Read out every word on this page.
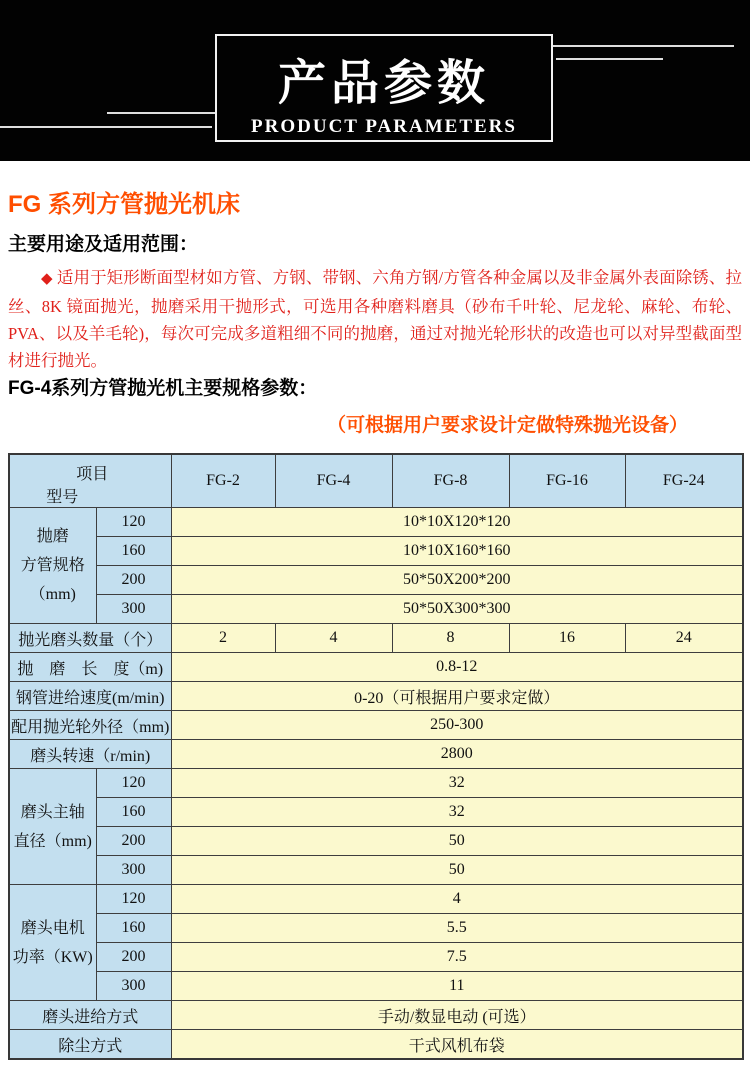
产品参数
PRODUCT PARAMETERS
FG 系列方管抛光机床
主要用途及适用范围：
◆ 适用于矩形断面型材如方管、方钢、带钢、六角方钢/方管各种金属以及非金属外表面除锈、拉丝、8K 镜面抛光，抛磨采用干抛形式，可选用各种磨料磨具（砂布千叶轮、尼龙轮、麻轮、布轮、PVA、以及羊毛轮)，每次可完成多道粗细不同的抛磨，通过对抛光轮形状的改造也可以对异型截面型材进行抛光。
FG-4系列方管抛光机主要规格参数：
（可根据用户要求设计定做特殊抛光设备）
项目
型号		FG-2	FG-4	FG-8	FG-16	FG-24

抛磨
方管规格
（mm)	120	10*10X120*120				
	160	10*10X160*160				
	200	50*50X200*200				
	300	50*50X300*300				
抛光磨头数量（个）		2	4	8	16	24
抛　磨　长　度（m)		0.8-12				
钢管进给速度(m/min)		0-20（可根据用户要求定做）				
配用抛光轮外径（mm)		250-300				
磨头转速（r/min)		2800				

磨头主轴
直径（mm)	120	32				
	160	32				
	200	50				
	300	50				

磨头电机
功率（KW)	120	4				
	160	5.5				
	200	7.5				
	300	11				
磨头进给方式		手动/数显电动 (可选）				
除尘方式		干式风机布袋				
